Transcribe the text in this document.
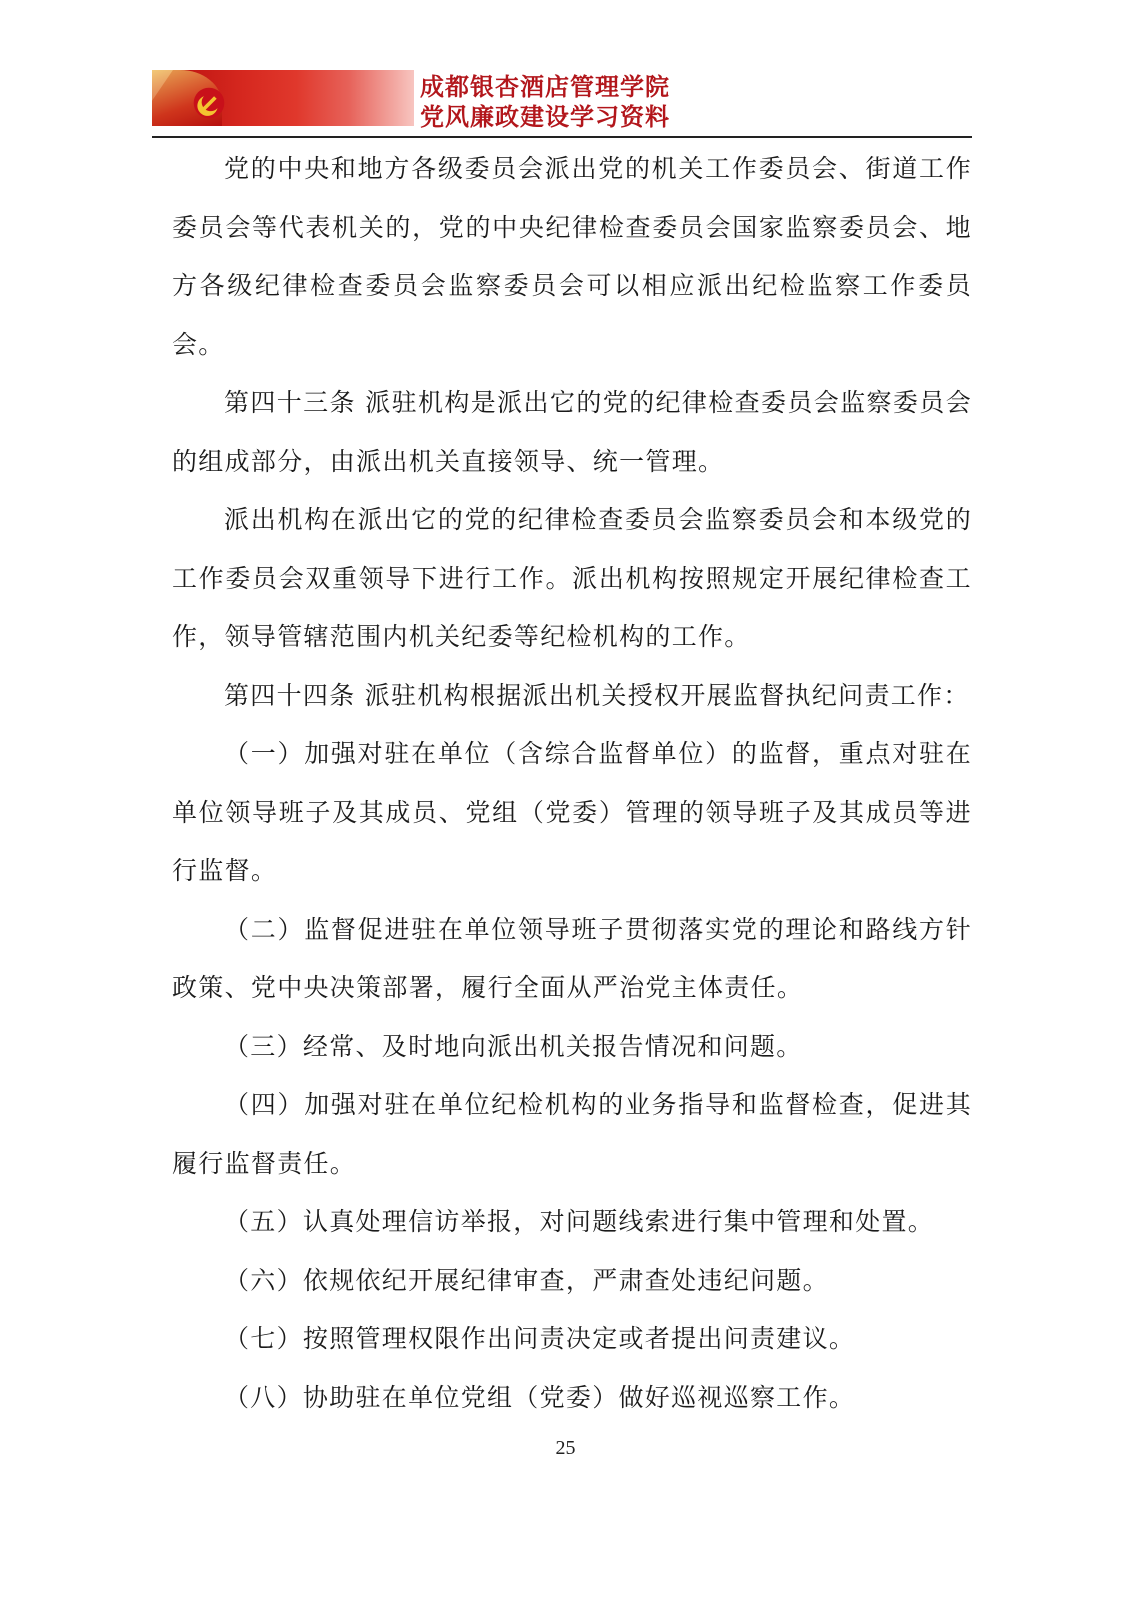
成都银杏酒店管理学院
党风廉政建设学习资料

党的中央和地方各级委员会派出党的机关工作委员会、街道工作委员会等代表机关的，党的中央纪律检查委员会国家监察委员会、地方各级纪律检查委员会监察委员会可以相应派出纪检监察工作委员会。

第四十三条 派驻机构是派出它的党的纪律检查委员会监察委员会的组成部分，由派出机关直接领导、统一管理。

派出机构在派出它的党的纪律检查委员会监察委员会和本级党的工作委员会双重领导下进行工作。派出机构按照规定开展纪律检查工作，领导管辖范围内机关纪委等纪检机构的工作。

第四十四条 派驻机构根据派出机关授权开展监督执纪问责工作：

（一）加强对驻在单位（含综合监督单位）的监督，重点对驻在单位领导班子及其成员、党组（党委）管理的领导班子及其成员等进行监督。

（二）监督促进驻在单位领导班子贯彻落实党的理论和路线方针政策、党中央决策部署，履行全面从严治党主体责任。

（三）经常、及时地向派出机关报告情况和问题。

（四）加强对驻在单位纪检机构的业务指导和监督检查，促进其履行监督责任。

（五）认真处理信访举报，对问题线索进行集中管理和处置。

（六）依规依纪开展纪律审查，严肃查处违纪问题。

（七）按照管理权限作出问责决定或者提出问责建议。

（八）协助驻在单位党组（党委）做好巡视巡察工作。

25
